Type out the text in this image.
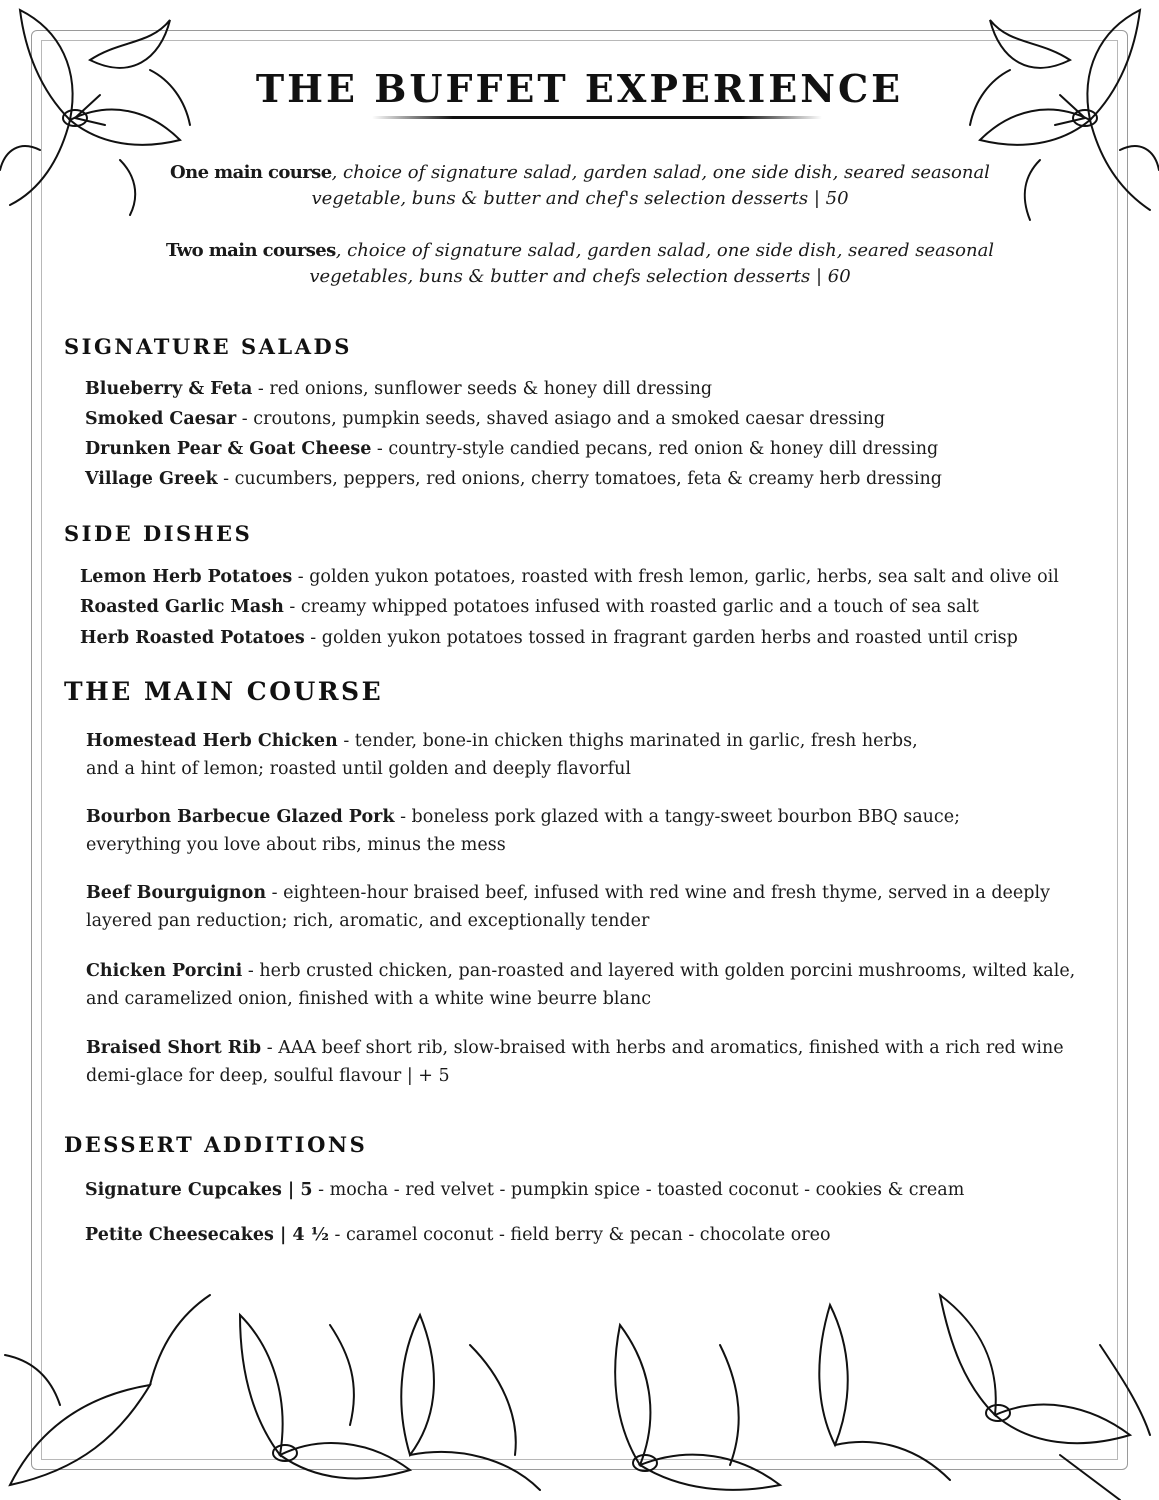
THE BUFFET EXPERIENCE

One main course, choice of signature salad, garden salad, one side dish, seared seasonal vegetable, buns & butter and chef's selection desserts | 50

Two main courses, choice of signature salad, garden salad, one side dish, seared seasonal vegetables, buns & butter and chefs selection desserts | 60

SIGNATURE SALADS
Blueberry & Feta - red onions, sunflower seeds & honey dill dressing
Smoked Caesar - croutons, pumpkin seeds, shaved asiago and a smoked caesar dressing
Drunken Pear & Goat Cheese - country-style candied pecans, red onion & honey dill dressing
Village Greek - cucumbers, peppers, red onions, cherry tomatoes, feta & creamy herb dressing
SIDE DISHES
Lemon Herb Potatoes - golden yukon potatoes, roasted with fresh lemon, garlic, herbs, sea salt and olive oil
Roasted Garlic Mash - creamy whipped potatoes infused with roasted garlic and a touch of sea salt
Herb Roasted Potatoes - golden yukon potatoes tossed in fragrant garden herbs and roasted until crisp
THE MAIN COURSE
Homestead Herb Chicken - tender, bone-in chicken thighs marinated in garlic, fresh herbs,
and a hint of lemon; roasted until golden and deeply flavorful
Bourbon Barbecue Glazed Pork - boneless pork glazed with a tangy-sweet bourbon BBQ sauce;
everything you love about ribs, minus the mess
Beef Bourguignon - eighteen-hour braised beef, infused with red wine and fresh thyme, served in a deeply
layered pan reduction; rich, aromatic, and exceptionally tender
Chicken Porcini - herb crusted chicken, pan-roasted and layered with golden porcini mushrooms, wilted kale,
and caramelized onion, finished with a white wine beurre blanc
Braised Short Rib - AAA beef short rib, slow-braised with herbs and aromatics, finished with a rich red wine
demi-glace for deep, soulful flavour | + 5
DESSERT ADDITIONS
Signature Cupcakes | 5 - mocha - red velvet - pumpkin spice - toasted coconut - cookies & cream
Petite Cheesecakes | 4 ½ - caramel coconut - field berry & pecan - chocolate oreo
